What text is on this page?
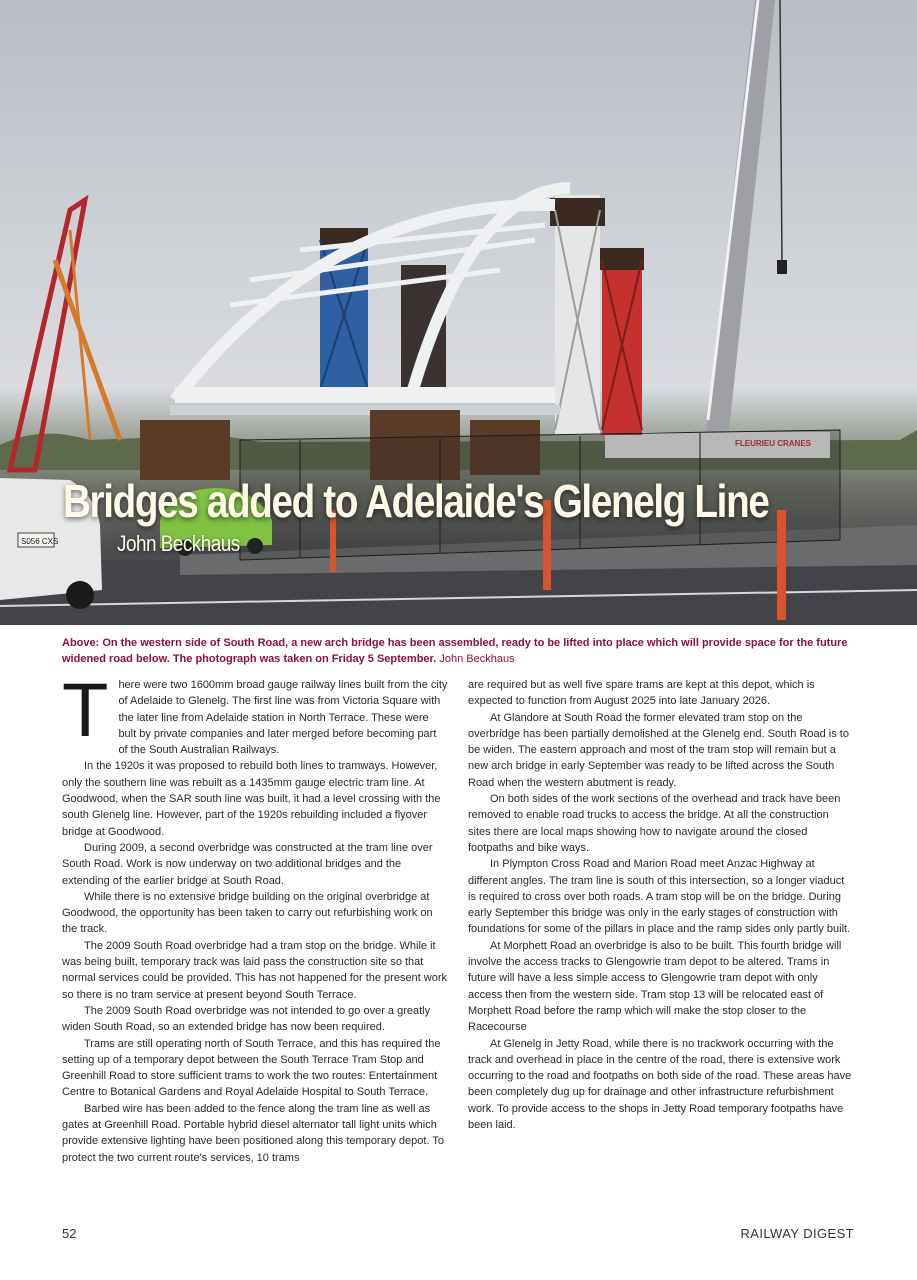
S056 CXS
Bridges added to Adelaide's Glenelg Line
John Beckhaus
Above: On the western side of South Road, a new arch bridge has been assembled, ready to be lifted into place which will provide space for the future widened road below. The photograph was taken on Friday 5 September. John Beckhaus

There were two 1600mm broad gauge railway lines built from the city of Adelaide to Glenelg. The first line was from Victoria Square with the later line from Adelaide station in North Terrace. These were bult by private companies and later merged before becoming part of the South Australian Railways.

In the 1920s it was proposed to rebuild both lines to tramways. However, only the southern line was rebuilt as a 1435mm gauge electric tram line. At Goodwood, when the SAR south line was built, it had a level crossing with the south Glenelg line. However, part of the 1920s rebuilding included a flyover bridge at Goodwood.

During 2009, a second overbridge was constructed at the tram line over South Road. Work is now underway on two additional bridges and the extending of the earlier bridge at South Road.

While there is no extensive bridge building on the original overbridge at Goodwood, the opportunity has been taken to carry out refurbishing work on the track.

The 2009 South Road overbridge had a tram stop on the bridge. While it was being built, temporary track was laid pass the construction site so that normal services could be provided. This has not happened for the present work so there is no tram service at present beyond South Terrace.

The 2009 South Road overbridge was not intended to go over a greatly widen South Road, so an extended bridge has now been required.

Trams are still operating north of South Terrace, and this has required the setting up of a temporary depot between the South Terrace Tram Stop and Greenhill Road to store sufficient trams to work the two routes: Entertainment Centre to Botanical Gardens and Royal Adelaide Hospital to South Terrace.

Barbed wire has been added to the fence along the tram line as well as gates at Greenhill Road. Portable hybrid diesel alternator tall light units which provide extensive lighting have been positioned along this temporary depot. To protect the two current route's services, 10 trams

are required but as well five spare trams are kept at this depot, which is expected to function from August 2025 into late January 2026.

At Glandore at South Road the former elevated tram stop on the overbridge has been partially demolished at the Glenelg end. South Road is to be widen. The eastern approach and most of the tram stop will remain but a new arch bridge in early September was ready to be lifted across the South Road when the western abutment is ready.

On both sides of the work sections of the overhead and track have been removed to enable road trucks to access the bridge. At all the construction sites there are local maps showing how to navigate around the closed footpaths and bike ways.

In Plympton Cross Road and Marion Road meet Anzac Highway at different angles. The tram line is south of this intersection, so a longer viaduct is required to cross over both roads. A tram stop will be on the bridge. During early September this bridge was only in the early stages of construction with foundations for some of the pillars in place and the ramp sides only partly built.

At Morphett Road an overbridge is also to be built. This fourth bridge will involve the access tracks to Glengowrie tram depot to be altered. Trams in future will have a less simple access to Glengowrie tram depot with only access then from the western side. Tram stop 13 will be relocated east of Morphett Road before the ramp which will make the stop closer to the Racecourse

At Glenelg in Jetty Road, while there is no trackwork occurring with the track and overhead in place in the centre of the road, there is extensive work occurring to the road and footpaths on both side of the road. These areas have been completely dug up for drainage and other infrastructure refurbishment work. To provide access to the shops in Jetty Road temporary footpaths have been laid.

52	RAILWAY DIGEST
